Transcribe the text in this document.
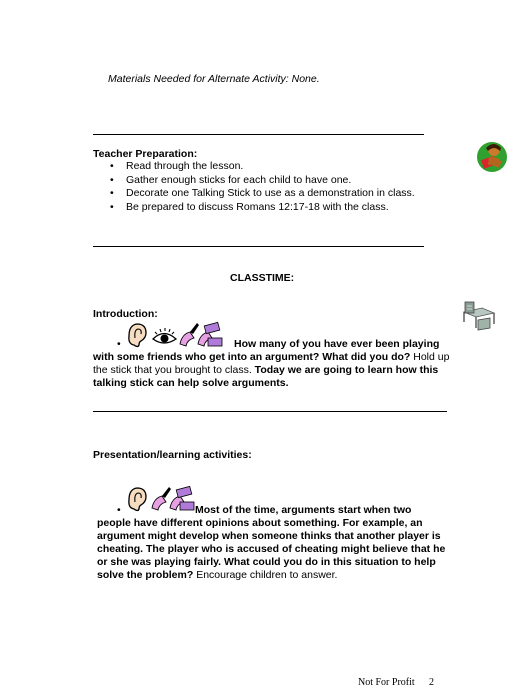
Materials Needed for Alternate Activity: None.
Teacher Preparation:
• Read through the lesson.
• Gather enough sticks for each child to have one.
• Decorate one Talking Stick to use as a demonstration in class.
• Be prepared to discuss Romans 12:17-18 with the class.
CLASSTIME:
Introduction:
•	How many of you have ever been playing with some friends who get into an argument? What did you do? Hold up the stick that you brought to class. Today we are going to learn how this talking stick can help solve arguments.
Presentation/learning activities:
•	Most of the time, arguments start when two people have different opinions about something. For example, an argument might develop when someone thinks that another player is cheating. The player who is accused of cheating might believe that he or she was playing fairly. What could you do in this situation to help solve the problem? Encourage children to answer.
Not For Profit 2
